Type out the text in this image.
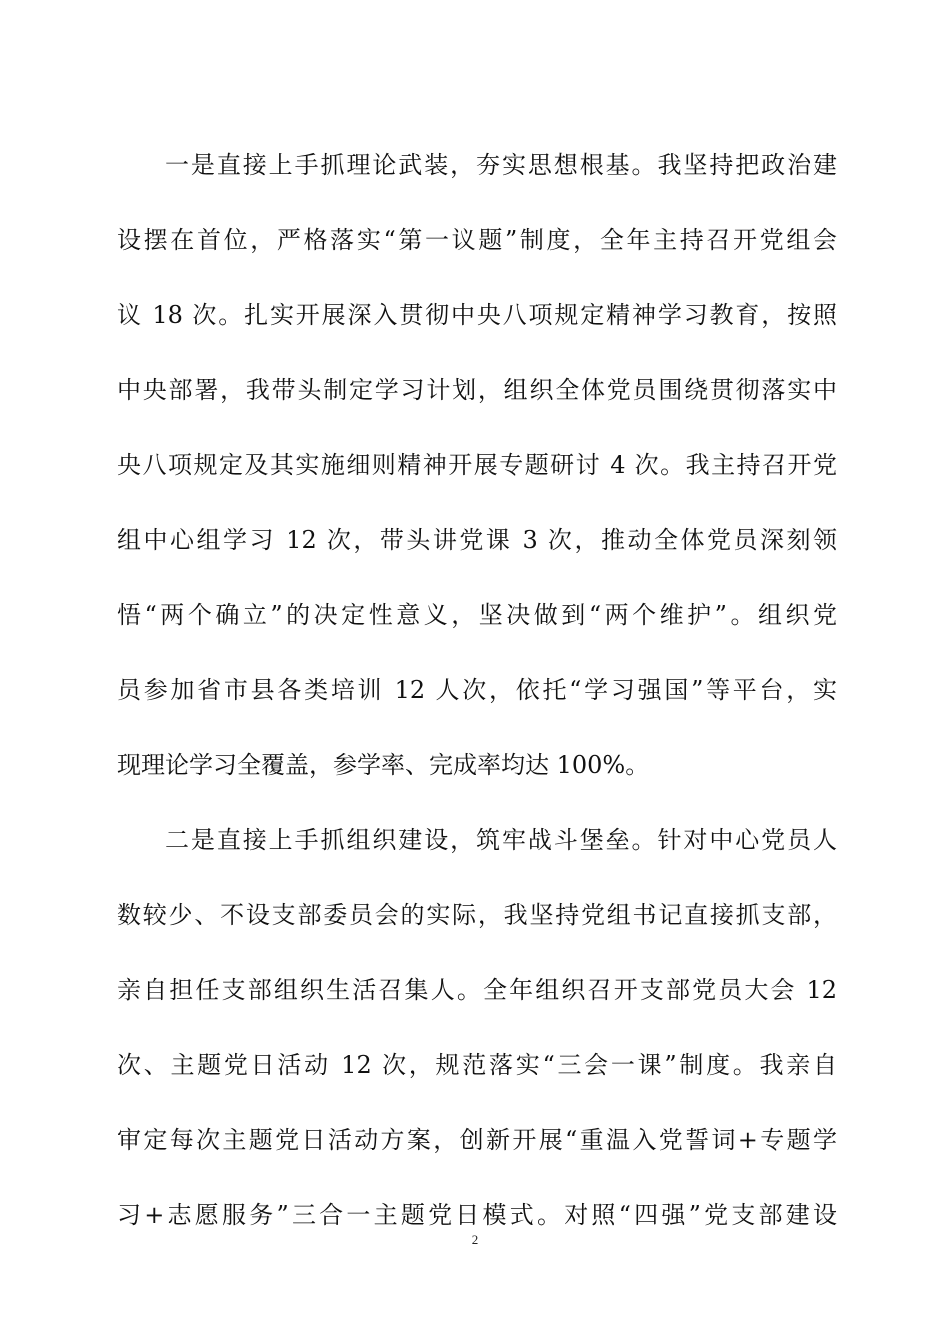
一是直接上手抓理论武装，夯实思想根基。我坚持把政治建
设摆在首位，严格落实“第一议题”制度，全年主持召开党组会
议 18 次。扎实开展深入贯彻中央八项规定精神学习教育，按照
中央部署，我带头制定学习计划，组织全体党员围绕贯彻落实中
央八项规定及其实施细则精神开展专题研讨 4 次。我主持召开党
组中心组学习 12 次，带头讲党课 3 次，推动全体党员深刻领
悟“两个确立”的决定性意义，坚决做到“两个维护”。组织党
员参加省市县各类培训 12 人次，依托“学习强国”等平台，实
现理论学习全覆盖，参学率、完成率均达 100%。
二是直接上手抓组织建设，筑牢战斗堡垒。针对中心党员人
数较少、不设支部委员会的实际，我坚持党组书记直接抓支部，
亲自担任支部组织生活召集人。全年组织召开支部党员大会 12
次、主题党日活动 12 次，规范落实“三会一课”制度。我亲自
审定每次主题党日活动方案，创新开展“重温入党誓词+专题学
习+志愿服务”三合一主题党日模式。对照“四强”党支部建设
2
